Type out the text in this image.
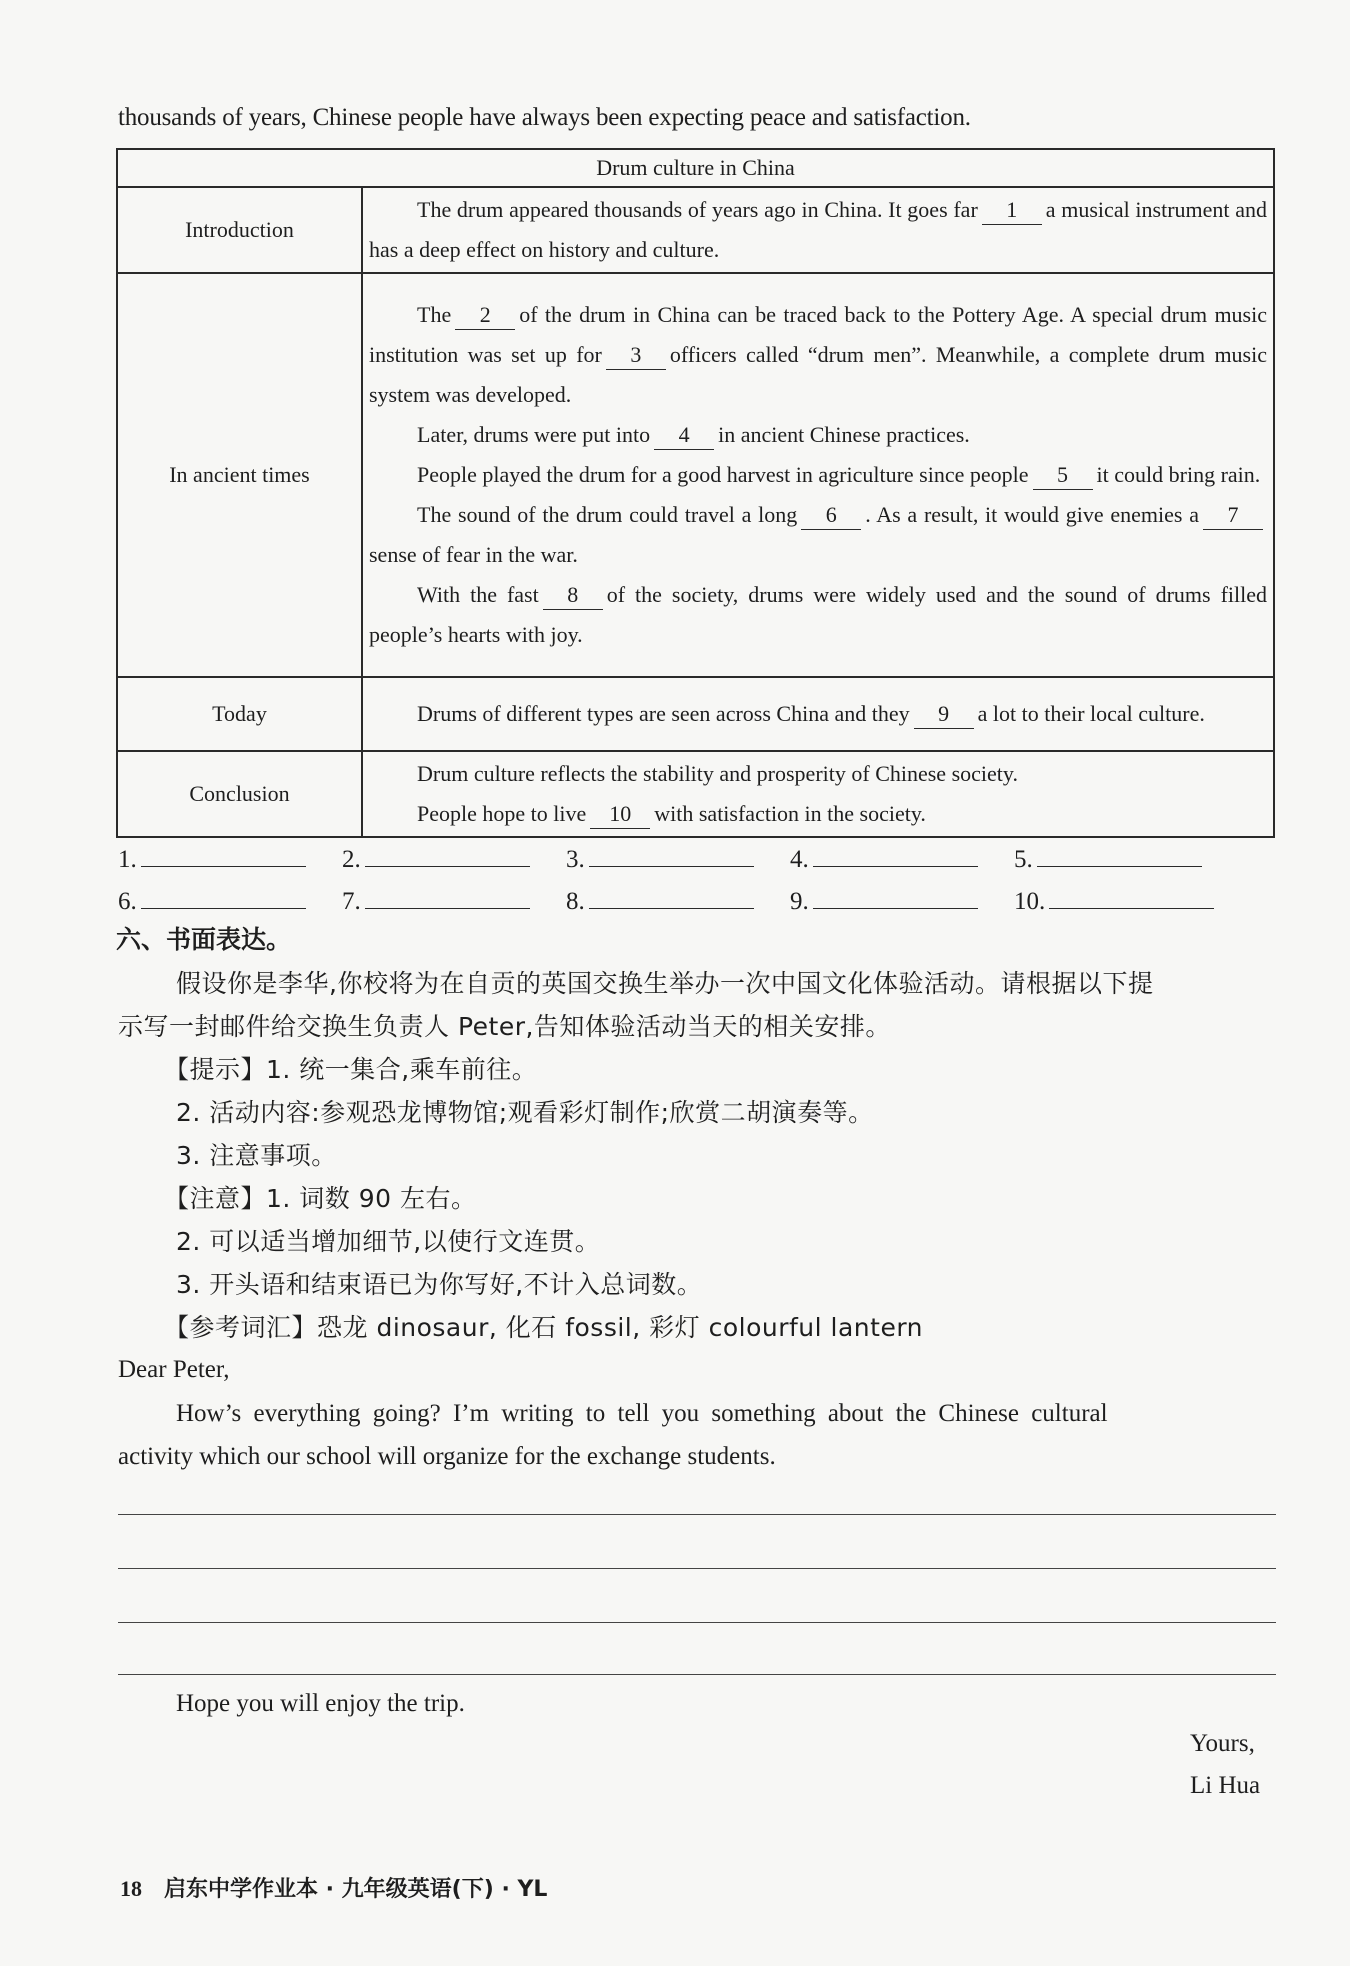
thousands of years, Chinese people have always been expecting peace and satisfaction.
Drum culture in China	
Introduction	The drum appeared thousands of years ago in China. It goes far 1 a musical instrument and has a deep effect on history and culture.

In ancient times	The 2 of the drum in China can be traced back to the Pottery Age. A special drum music institution was set up for 3 officers called “drum men”. Meanwhile, a complete drum music system was developed.
Later, drums were put into 4 in ancient Chinese practices.
People played the drum for a good harvest in agriculture since people 5 it could bring rain.
The sound of the drum could travel a long 6 . As a result, it would give enemies a 7sense of fear in the war.
With the fast 8 of the society, drums were widely used and the sound of drums filled people’s hearts with joy.

Today	Drums of different types are seen across China and they 9 a lot to their local culture.

Conclusion	Drum culture reflects the stability and prosperity of Chinese society.
People hope to live 10 with satisfaction in the society.
1.	2.	3.	4.	5.
6.	7.	8.	9.	10.
六、书面表达。
假设你是李华,你校将为在自贡的英国交换生举办一次中国文化体验活动。请根据以下提
示写一封邮件给交换生负责人 Peter,告知体验活动当天的相关安排。
【提示】1. 统一集合,乘车前往。
2. 活动内容:参观恐龙博物馆;观看彩灯制作;欣赏二胡演奏等。
3. 注意事项。
【注意】1. 词数 90 左右。
2. 可以适当增加细节,以使行文连贯。
3. 开头语和结束语已为你写好,不计入总词数。
【参考词汇】恐龙 dinosaur, 化石 fossil, 彩灯 colourful lantern
Dear Peter,
How’s everything going? I’m writing to tell you something about the Chinese cultural
activity which our school will organize for the exchange students.
Hope you will enjoy the trip.
Yours,
Li Hua
18 启东中学作业本 · 九年级英语(下) · YL
